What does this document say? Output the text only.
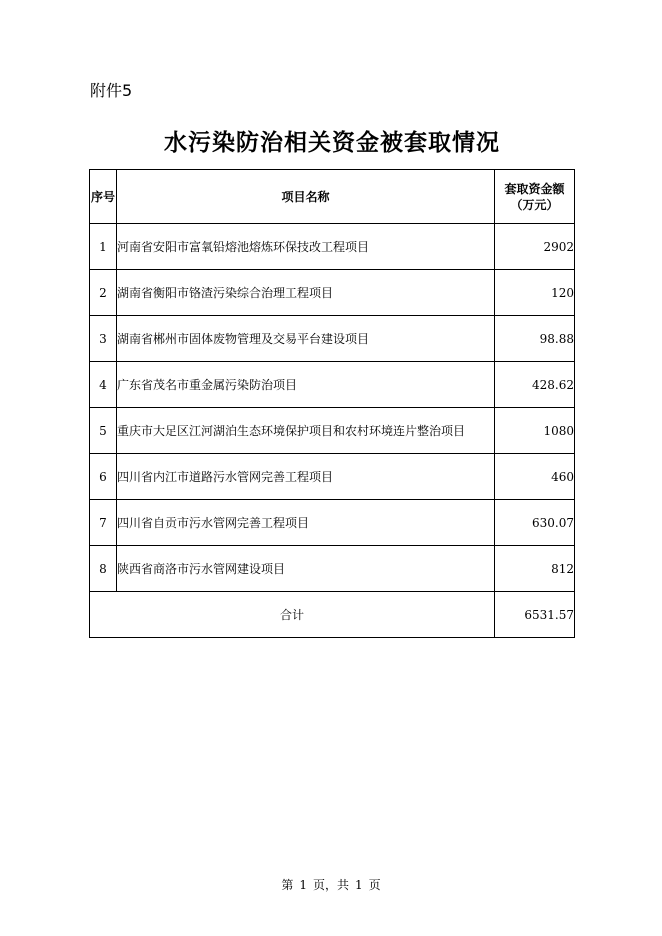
附件5
水污染防治相关资金被套取情况
序号	项目名称	套取资金额
（万元）
1	河南省安阳市富氧铅熔池熔炼环保技改工程项目	2902
2	湖南省衡阳市铬渣污染综合治理工程项目	120
3	湖南省郴州市固体废物管理及交易平台建设项目	98.88
4	广东省茂名市重金属污染防治项目	428.62
5	重庆市大足区江河湖泊生态环境保护项目和农村环境连片整治项目	1080
6	四川省内江市道路污水管网完善工程项目	460
7	四川省自贡市污水管网完善工程项目	630.07
8	陕西省商洛市污水管网建设项目	812
合计		6531.57
第 1 页，共 1 页
